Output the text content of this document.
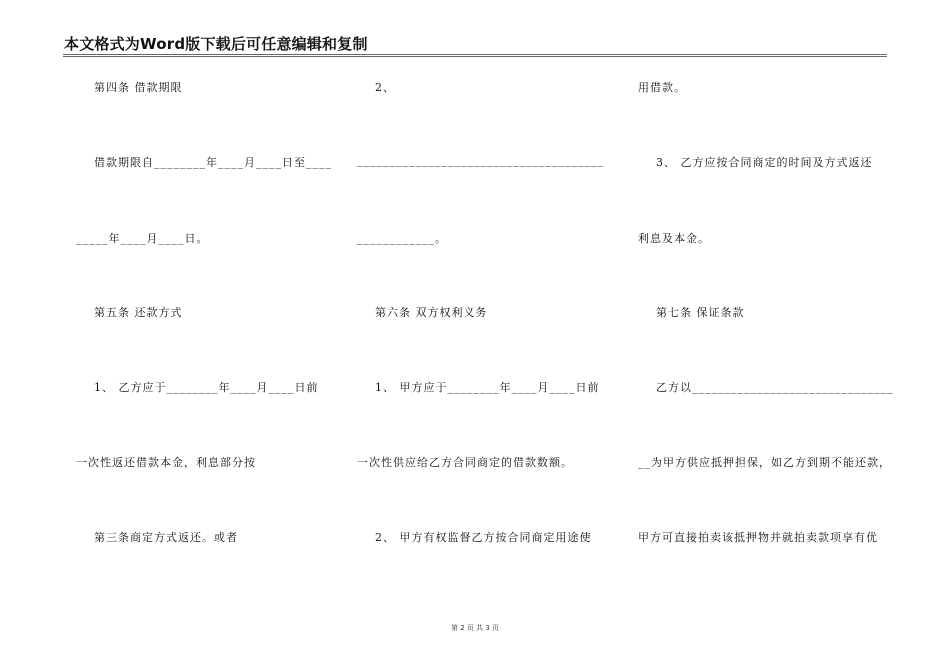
本文格式为Word版下载后可任意编辑和复制
第四条 借款期限
借款期限自________年____月____日至____
_____年____月____日。
第五条 还款方式
1、 乙方应于________年____月____日前
一次性返还借款本金，利息部分按
第三条商定方式返还。或者
2、
______________________________________
____________。
第六条 双方权利义务
1、 甲方应于________年____月____日前
一次性供应给乙方合同商定的借款数额。
2、 甲方有权监督乙方按合同商定用途使
用借款。
3、 乙方应按合同商定的时间及方式返还
利息及本金。
第七条 保证条款
乙方以_______________________________
__为甲方供应抵押担保，如乙方到期不能还款，
甲方可直接拍卖该抵押物并就拍卖款项享有优
第 2 页 共 3 页
